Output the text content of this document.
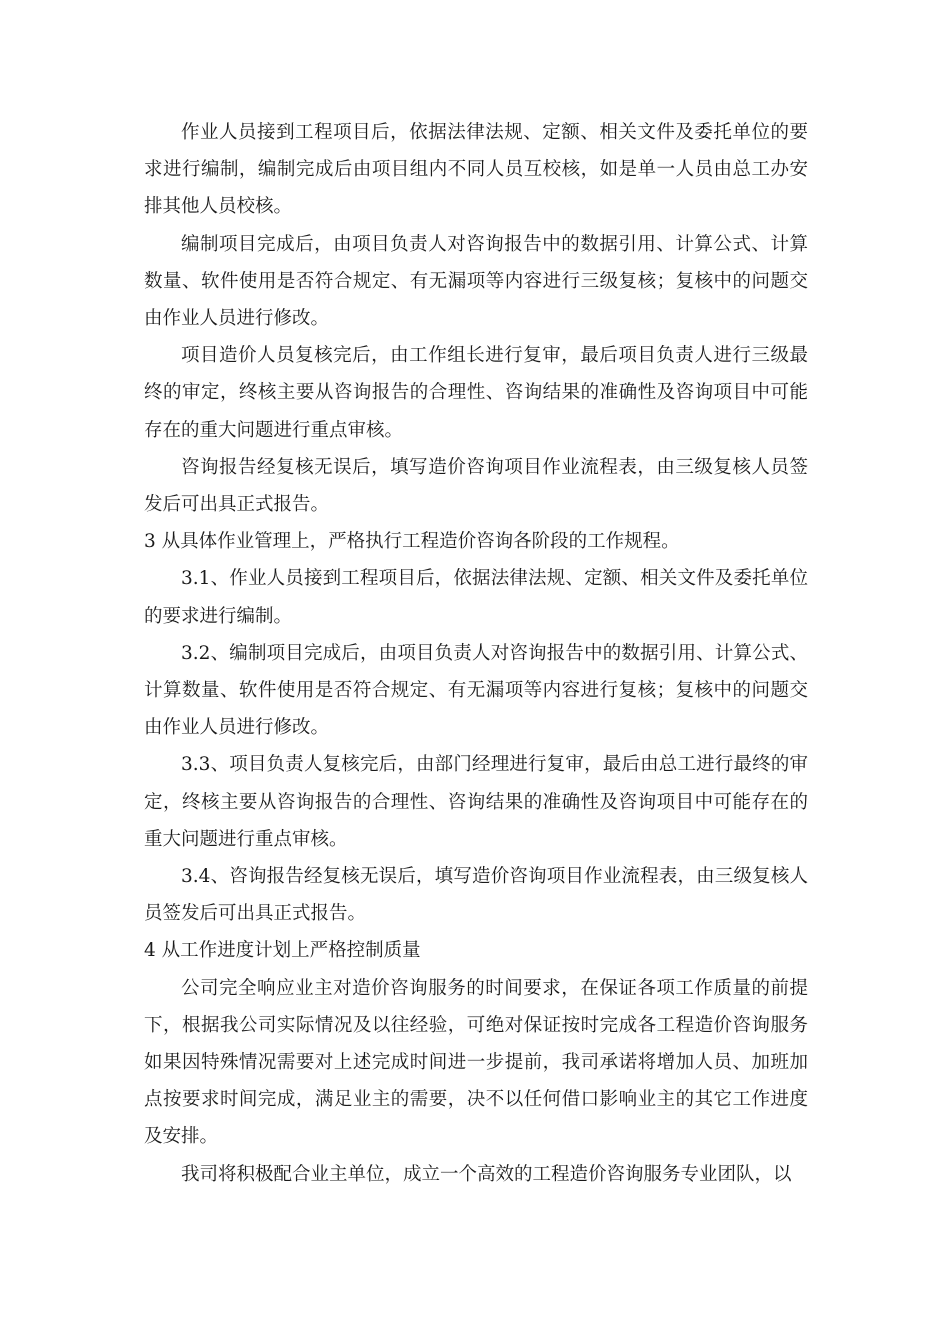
作业人员接到工程项目后，依据法律法规、定额、相关文件及委托单位的要求进行编制，编制完成后由项目组内不同人员互校核，如是单一人员由总工办安排其他人员校核。

编制项目完成后，由项目负责人对咨询报告中的数据引用、计算公式、计算数量、软件使用是否符合规定、有无漏项等内容进行三级复核；复核中的问题交由作业人员进行修改。

项目造价人员复核完后，由工作组长进行复审，最后项目负责人进行三级最终的审定，终核主要从咨询报告的合理性、咨询结果的准确性及咨询项目中可能存在的重大问题进行重点审核。

咨询报告经复核无误后，填写造价咨询项目作业流程表，由三级复核人员签发后可出具正式报告。

3 从具体作业管理上，严格执行工程造价咨询各阶段的工作规程。

3.1、作业人员接到工程项目后，依据法律法规、定额、相关文件及委托单位的要求进行编制。

3.2、编制项目完成后，由项目负责人对咨询报告中的数据引用、计算公式、计算数量、软件使用是否符合规定、有无漏项等内容进行复核；复核中的问题交由作业人员进行修改。

3.3、项目负责人复核完后，由部门经理进行复审，最后由总工进行最终的审定，终核主要从咨询报告的合理性、咨询结果的准确性及咨询项目中可能存在的重大问题进行重点审核。

3.4、咨询报告经复核无误后，填写造价咨询项目作业流程表，由三级复核人员签发后可出具正式报告。

4 从工作进度计划上严格控制质量

公司完全响应业主对造价咨询服务的时间要求，在保证各项工作质量的前提下，根据我公司实际情况及以往经验，可绝对保证按时完成各工程造价咨询服务如果因特殊情况需要对上述完成时间进一步提前，我司承诺将增加人员、加班加点按要求时间完成，满足业主的需要，决不以任何借口影响业主的其它工作进度及安排。

我司将积极配合业主单位，成立一个高效的工程造价咨询服务专业团队，以
